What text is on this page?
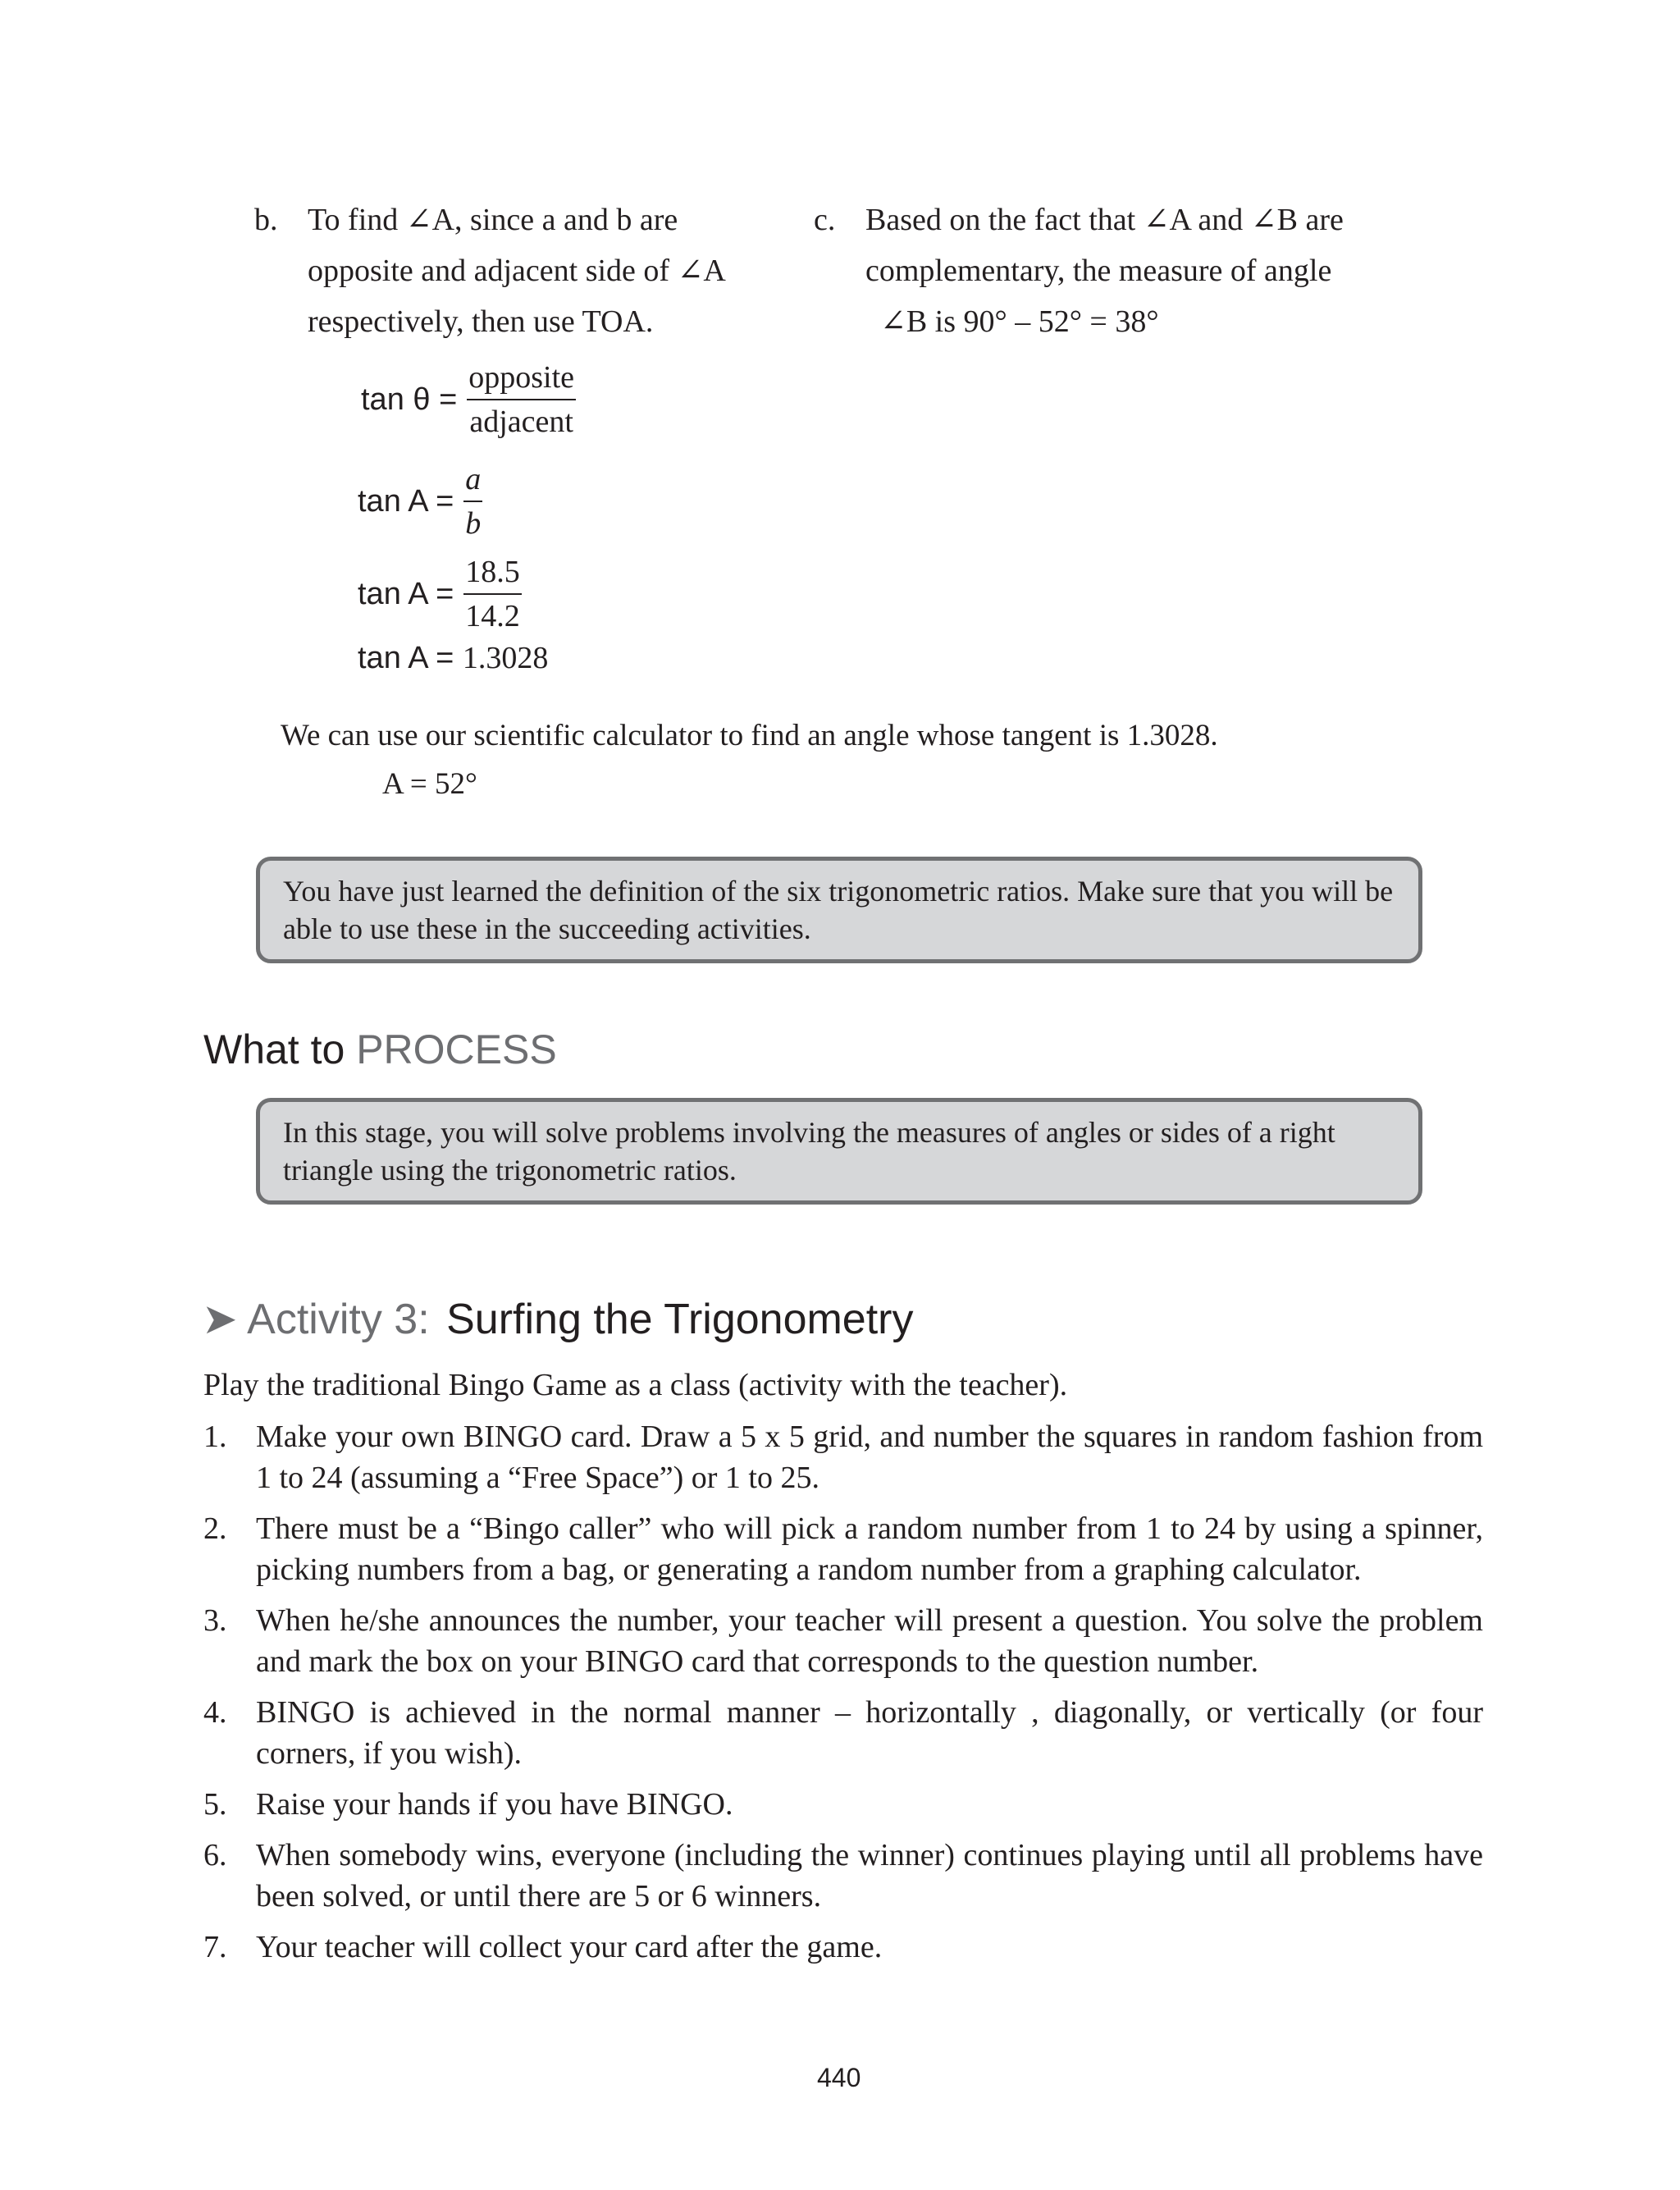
b. To find ∠A, since a and b are
opposite and adjacent side of ∠A
respectively, then use TOA.
c. Based on the fact that ∠A and ∠B are
complementary, the measure of angle
∠B is 90° – 52° = 38°
$\tan \theta = \frac{\text{opposite}}{\text{adjacent}}$
$\tan A = \frac{a}{b}$
$\tan A = \frac{18.5}{14.2}$
tan A = 1.3028
We can use our scientific calculator to find an angle whose tangent is 1.3028.
A = 52°
You have just learned the definition of the six trigonometric ratios. Make sure that you will be able to use these in the succeeding activities.
What to PROCESS
In this stage, you will solve problems involving the measures of angles or sides of a right triangle using the trigonometric ratios.
➤ Activity 3: Surfing the Trigonometry
Play the traditional Bingo Game as a class (activity with the teacher).
1. Make your own BINGO card. Draw a 5 x 5 grid, and number the squares in random fashion from 1 to 24 (assuming a “Free Space”) or 1 to 25.
2. There must be a “Bingo caller” who will pick a random number from 1 to 24 by using a spinner, picking numbers from a bag, or generating a random number from a graphing calculator.
3. When he/she announces the number, your teacher will present a question. You solve the problem and mark the box on your BINGO card that corresponds to the question number.
4. BINGO is achieved in the normal manner – horizontally , diagonally, or vertically (or four corners, if you wish).
5. Raise your hands if you have BINGO.
6. When somebody wins, everyone (including the winner) continues playing until all problems have been solved, or until there are 5 or 6 winners.
7. Your teacher will collect your card after the game.
440
